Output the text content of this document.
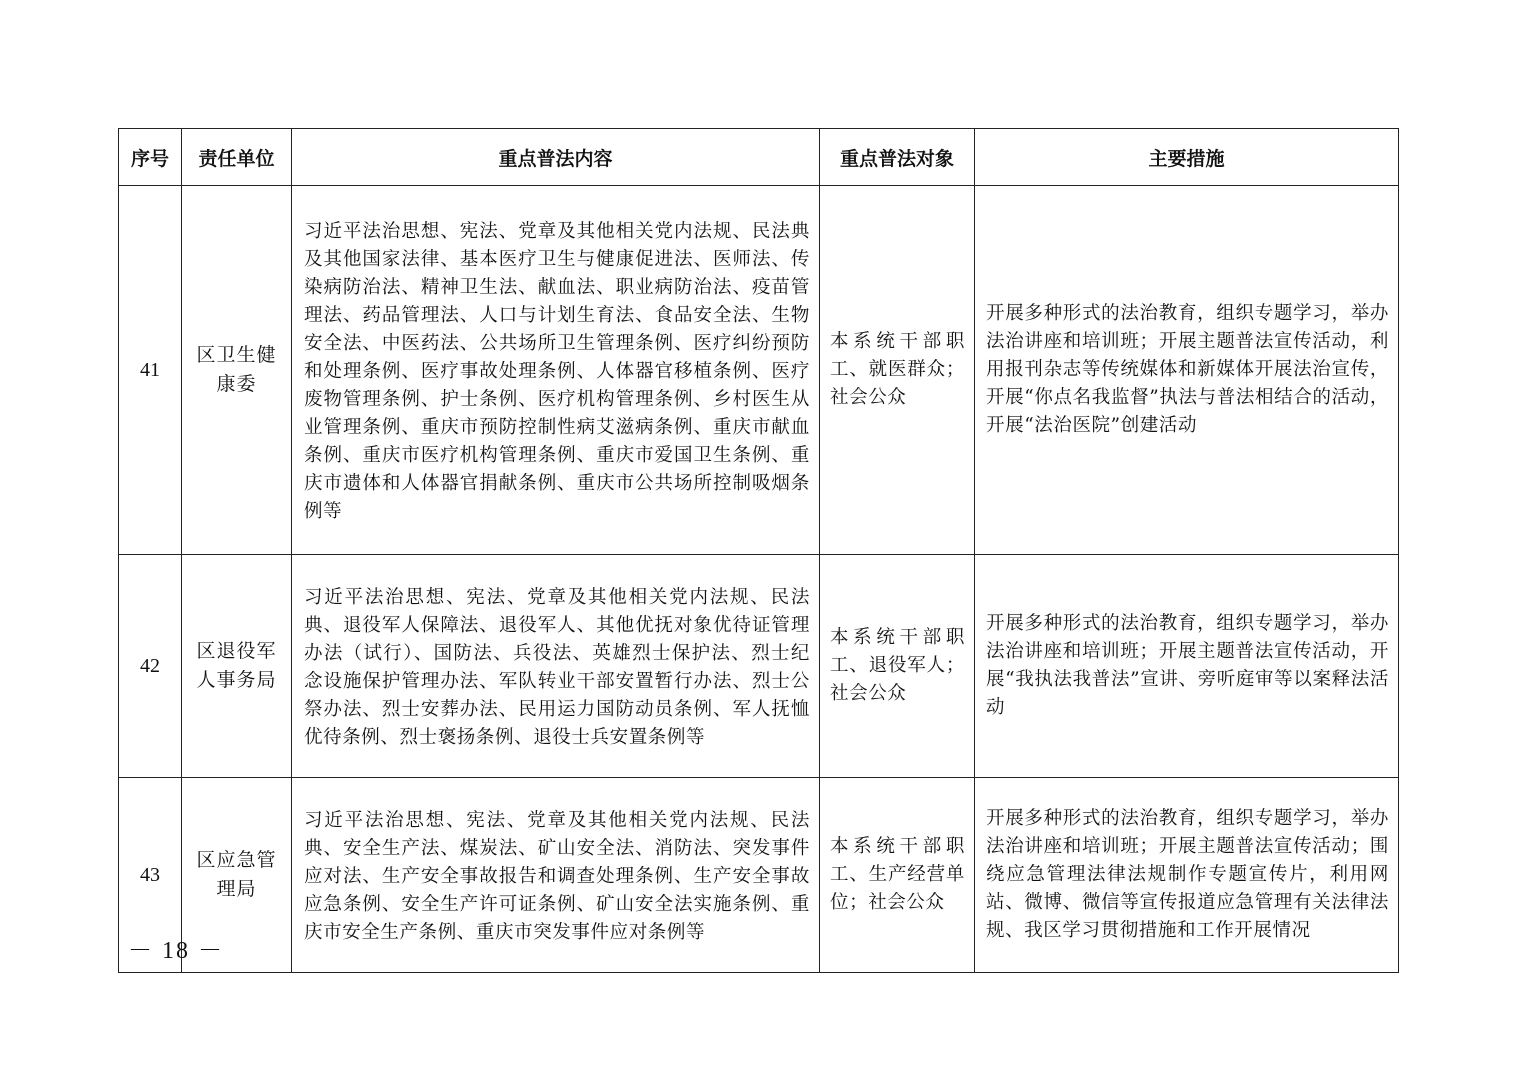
序号	责任单位	重点普法内容	重点普法对象	主要措施
41	区卫生健康委	习近平法治思想、宪法、党章及其他相关党内法规、民法典及其他国家法律、基本医疗卫生与健康促进法、医师法、传染病防治法、精神卫生法、献血法、职业病防治法、疫苗管理法、药品管理法、人口与计划生育法、食品安全法、生物安全法、中医药法、公共场所卫生管理条例、医疗纠纷预防和处理条例、医疗事故处理条例、人体器官移植条例、医疗废物管理条例、护士条例、医疗机构管理条例、乡村医生从业管理条例、重庆市预防控制性病艾滋病条例、重庆市献血条例、重庆市医疗机构管理条例、重庆市爱国卫生条例、重庆市遗体和人体器官捐献条例、重庆市公共场所控制吸烟条例等	本系统干部职工、就医群众；社会公众	开展多种形式的法治教育，组织专题学习，举办法治讲座和培训班；开展主题普法宣传活动，利用报刊杂志等传统媒体和新媒体开展法治宣传，开展“你点名我监督”执法与普法相结合的活动，开展“法治医院”创建活动
42	区退役军人事务局	习近平法治思想、宪法、党章及其他相关党内法规、民法典、退役军人保障法、退役军人、其他优抚对象优待证管理办法（试行）、国防法、兵役法、英雄烈士保护法、烈士纪念设施保护管理办法、军队转业干部安置暂行办法、烈士公祭办法、烈士安葬办法、民用运力国防动员条例、军人抚恤优待条例、烈士褒扬条例、退役士兵安置条例等	本系统干部职工、退役军人；社会公众	开展多种形式的法治教育，组织专题学习，举办法治讲座和培训班；开展主题普法宣传活动，开展“我执法我普法”宣讲、旁听庭审等以案释法活动
43	区应急管理局	习近平法治思想、宪法、党章及其他相关党内法规、民法典、安全生产法、煤炭法、矿山安全法、消防法、突发事件应对法、生产安全事故报告和调查处理条例、生产安全事故应急条例、安全生产许可证条例、矿山安全法实施条例、重庆市安全生产条例、重庆市突发事件应对条例等	本系统干部职工、生产经营单位；社会公众	开展多种形式的法治教育，组织专题学习，举办法治讲座和培训班；开展主题普法宣传活动；围绕应急管理法律法规制作专题宣传片，利用网站、微博、微信等宣传报道应急管理有关法律法规、我区学习贯彻措施和工作开展情况
－ 18 －
